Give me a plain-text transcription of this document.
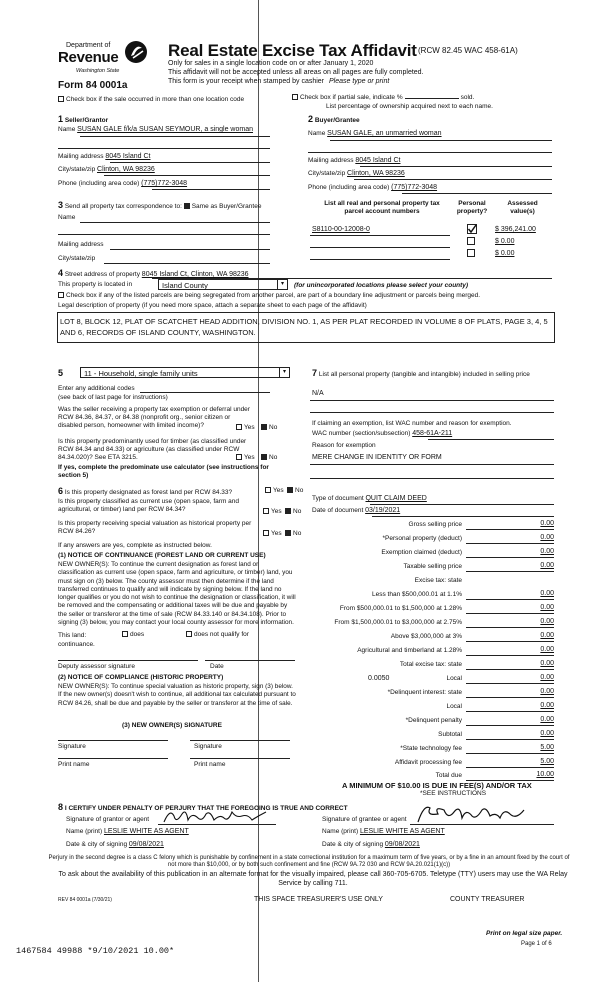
Department of
Revenue
Washington State
Form 84 0001a
Real Estate Excise Tax Affidavit (RCW 82.45 WAC 458-61A)
Only for sales in a single location code on or after January 1, 2020
This affidavit will not be accepted unless all areas on all pages are fully completed.
This form is your receipt when stamped by cashier Please type or print
Check box if the sale occurred in more than one location code	Check box if partial sale, indicate %	sold.
List percentage of ownership acquired next to each name.
1 Seller/Grantor
Name SUSAN GALE f/k/a SUSAN SEYMOUR, a single woman
Mailing address 8045 Island Ct
City/state/zip Clinton, WA 98236
Phone (including area code) (775)772-3048
2 Buyer/Grantee
Name SUSAN GALE, an unmarried woman
Mailing address 8045 Island Ct
City/state/zip Clinton, WA 98236
Phone (including area code) (775)772-3048
3 Send all property tax correspondence to: Same as Buyer/Grantee
Name
Mailing address
City/state/zip
List all real and personal property tax
parcel account numbers
Personal
property?
Assessed
value(s)
S8110-00-12008-0	$ 396,241.00
$ 0.00
$ 0.00
4 Street address of property 8045 Island Ct, Clinton, WA 98236
This property is located in	Island County	▾	(for unincorporated locations please select your county)
Check box if any of the listed parcels are being segregated from another parcel, are part of a boundary line adjustment or parcels being merged.
Legal description of property (if you need more space, attach a separate sheet to each page of the affidavit)
LOT 8, BLOCK 12, PLAT OF SCATCHET HEAD ADDITION, DIVISION NO. 1, AS PER PLAT RECORDED IN VOLUME 8 OF PLATS, PAGE 3, 4, 5 AND 6, RECORDS OF ISLAND COUNTY, WASHINGTON.
5	11 - Household, single family units	▾
Enter any additional codes
(see back of last page for instructions)
Was the seller receiving a property tax exemption or deferral under RCW 84.36, 84.37, or 84.38 (nonprofit org., senior citizen or disabled person, homeowner with limited income)?	Yes	No
Is this property predominantly used for timber (as classified under RCW 84.34 and 84.33) or agriculture (as classified under RCW 84.34.020)? See ETA 3215.	Yes	No
If yes, complete the predominate use calculator (see instructions for section 5)
6 Is this property designated as forest land per RCW 84.33?	Yes	No
Is this property classified as current use (open space, farm and agricultural, or timber) land per RCW 84.34?	Yes	No
Is this property receiving special valuation as historical property per RCW 84.26?	Yes	No
If any answers are yes, complete as instructed below.
(1) NOTICE OF CONTINUANCE (FOREST LAND OR CURRENT USE)
NEW OWNER(S): To continue the current designation as forest land or classification as current use (open space, farm and agriculture, or timber) land, you must sign on (3) below. The county assessor must then determine if the land transferred continues to qualify and will indicate by signing below. If the land no longer qualifies or you do not wish to continue the designation or classification, it will be removed and the compensating or additional taxes will be due and payable by the seller or transferor at the time of sale (RCW 84.33.140 or 84.34.108). Prior to signing (3) below, you may contact your local county assessor for more information.
This land:	does	does not qualify for
continuance.
Deputy assessor signature	Date
(2) NOTICE OF COMPLIANCE (HISTORIC PROPERTY)
NEW OWNER(S): To continue special valuation as historic property, sign (3) below. If the new owner(s) doesn't wish to continue, all additional tax calculated pursuant to RCW 84.26, shall be due and payable by the seller or transferor at the time of sale.
(3) NEW OWNER(S) SIGNATURE
Signature	Signature
Print name	Print name
7 List all personal property (tangible and intangible) included in selling price
N/A
If claiming an exemption, list WAC number and reason for exemption.
WAC number (section/subsection) 458-61A-211
Reason for exemption
MERE CHANGE IN IDENTITY OR FORM
Type of document QUIT CLAIM DEED
Date of document 03/19/2021
Gross selling price	0.00
*Personal property (deduct)	0.00
Exemption claimed (deduct)	0.00
Taxable selling price	0.00
Excise tax: state
Less than $500,000.01 at 1.1%	0.00
From $500,000.01 to $1,500,000 at 1.28%	0.00
From $1,500,000.01 to $3,000,000 at 2.75%	0.00
Above $3,000,000 at 3%	0.00
Agricultural and timberland at 1.28%	0.00
Total excise tax: state	0.00
Local	0.00
*Delinquent interest: state	0.00
Local	0.00
*Delinquent penalty	0.00
Subtotal	0.00
*State technology fee	5.00
Affidavit processing fee	5.00
Total due	10.00
0.0050
A MINIMUM OF $10.00 IS DUE IN FEE(S) AND/OR TAX
*SEE INSTRUCTIONS
8 I CERTIFY UNDER PENALTY OF PERJURY THAT THE FOREGOING IS TRUE AND CORRECT
Signature of grantor or agent	Signature of grantee or agent
Name (print) LESLIE WHITE AS AGENT	Name (print) LESLIE WHITE AS AGENT
Date & city of signing 09/08/2021	Date & city of signing 09/08/2021
Perjury in the second degree is a class C felony which is punishable by confinement in a state correctional institution for a maximum term of five years, or by a fine in an amount fixed by the court of not more than $10,000, or by both such confinement and fine (RCW 9A.72 030 and RCW 9A.20.021(1)(c))
To ask about the availability of this publication in an alternate format for the visually impaired, please call 360-705-6705. Teletype (TTY) users may use the WA Relay Service by calling 711.
REV 84 0001a (7/30/21)	THIS SPACE TREASURER'S USE ONLY	COUNTY TREASURER
Print on legal size paper.
Page 1 of 6
1467584 49988 *9/10/2021 10.00*
